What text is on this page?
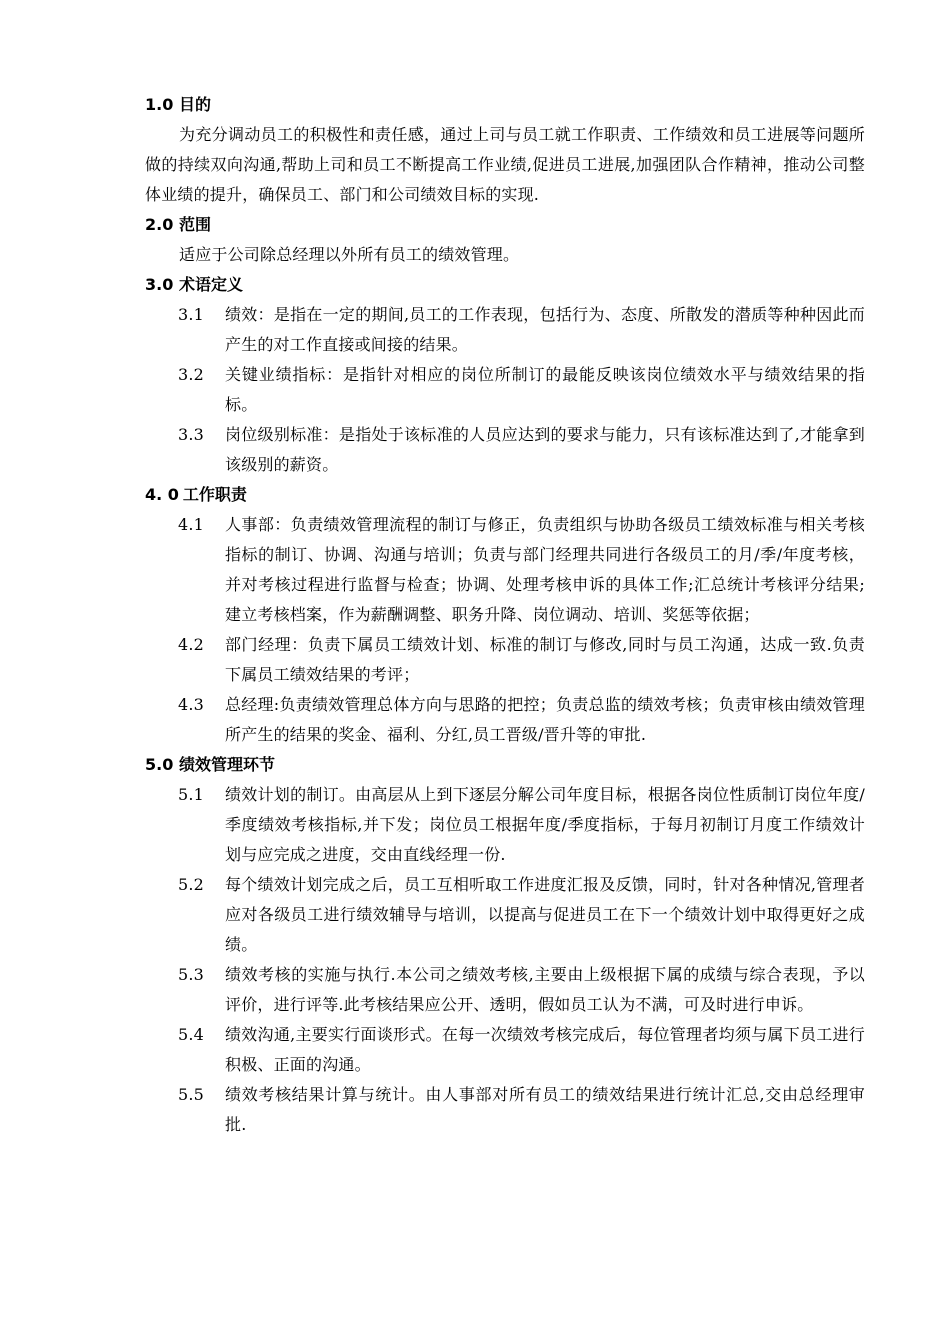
1.0 目的
为充分调动员工的积极性和责任感，通过上司与员工就工作职责、工作绩效和员工进展等问题所做的持续双向沟通,帮助上司和员工不断提高工作业绩,促进员工进展,加强团队合作精神，推动公司整体业绩的提升，确保员工、部门和公司绩效目标的实现.
2.0 范围
适应于公司除总经理以外所有员工的绩效管理。
3.0 术语定义
3.1 绩效：是指在一定的期间,员工的工作表现，包括行为、态度、所散发的潜质等种种因此而产生的对工作直接或间接的结果。
3.2 关键业绩指标：是指针对相应的岗位所制订的最能反映该岗位绩效水平与绩效结果的指标。
3.3 岗位级别标准：是指处于该标准的人员应达到的要求与能力，只有该标准达到了,才能拿到该级别的薪资。
4. 0 工作职责
4.1 人事部：负责绩效管理流程的制订与修正，负责组织与协助各级员工绩效标准与相关考核指标的制订、协调、沟通与培训；负责与部门经理共同进行各级员工的月/季/年度考核，并对考核过程进行监督与检查；协调、处理考核申诉的具体工作;汇总统计考核评分结果;建立考核档案，作为薪酬调整、职务升降、岗位调动、培训、奖惩等依据；
4.2 部门经理：负责下属员工绩效计划、标准的制订与修改,同时与员工沟通，达成一致.负责下属员工绩效结果的考评；
4.3 总经理:负责绩效管理总体方向与思路的把控；负责总监的绩效考核；负责审核由绩效管理所产生的结果的奖金、福利、分红,员工晋级/晋升等的审批.
5.0 绩效管理环节
5.1 绩效计划的制订。由高层从上到下逐层分解公司年度目标，根据各岗位性质制订岗位年度/季度绩效考核指标,并下发；岗位员工根据年度/季度指标，于每月初制订月度工作绩效计划与应完成之进度，交由直线经理一份.
5.2 每个绩效计划完成之后，员工互相听取工作进度汇报及反馈，同时，针对各种情况,管理者应对各级员工进行绩效辅导与培训，以提高与促进员工在下一个绩效计划中取得更好之成绩。
5.3 绩效考核的实施与执行.本公司之绩效考核,主要由上级根据下属的成绩与综合表现，予以评价，进行评等.此考核结果应公开、透明，假如员工认为不满，可及时进行申诉。
5.4 绩效沟通,主要实行面谈形式。在每一次绩效考核完成后，每位管理者均须与属下员工进行积极、正面的沟通。
5.5 绩效考核结果计算与统计。由人事部对所有员工的绩效结果进行统计汇总,交由总经理审批.
